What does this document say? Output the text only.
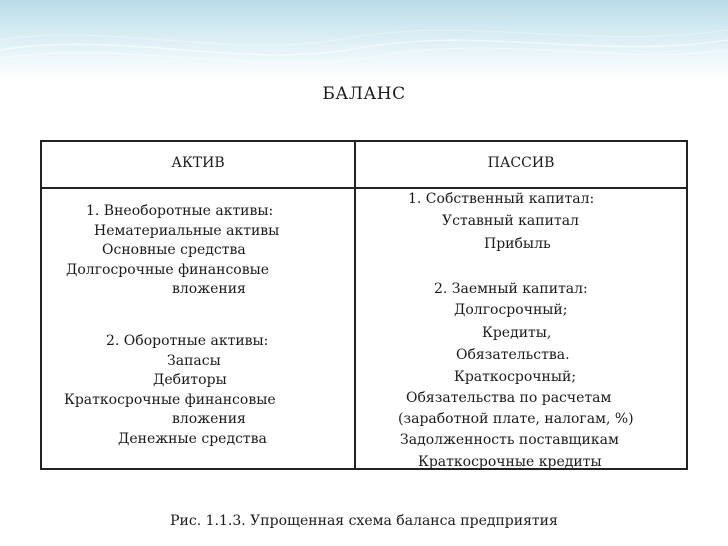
БАЛАНС
АКТИВ	ПАССИВ
1. Внеоборотные активы:
Нематериальные активы
Основные средства
Долгосрочные финансовые
вложения
2. Оборотные активы:
Запасы
Дебиторы
Краткосрочные финансовые
вложения
Денежные средства
1. Собственный капитал:
Уставный капитал
Прибыль
2. Заемный капитал:
Долгосрочный;
Кредиты,
Обязательства.
Краткосрочный;
Обязательства по расчетам
(заработной плате, налогам, %)
Задолженность поставщикам
Краткосрочные кредиты
Рис. 1.1.3. Упрощенная схема баланса предприятия
